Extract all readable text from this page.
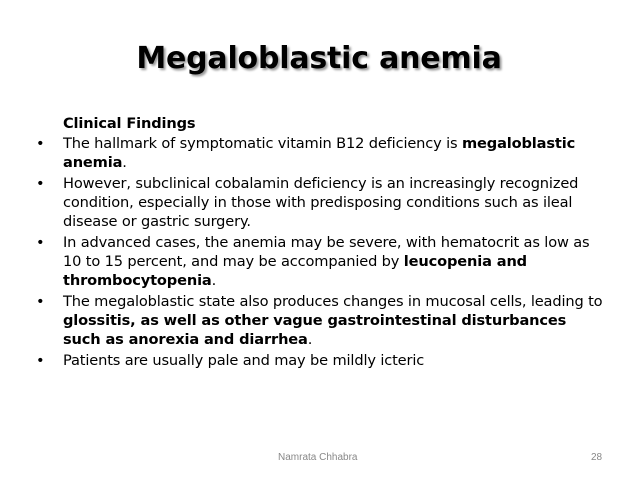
Megaloblastic anemia
Clinical Findings
• The hallmark of symptomatic vitamin B12 deficiency is megaloblastic anemia.
• However, subclinical cobalamin deficiency is an increasingly recognized condition, especially in those with predisposing conditions such as ileal disease or gastric surgery.
• In advanced cases, the anemia may be severe, with hematocrit as low as 10 to 15 percent, and may be accompanied by leucopenia and thrombocytopenia.
• The megaloblastic state also produces changes in mucosal cells, leading to glossitis, as well as other vague gastrointestinal disturbances such as anorexia and diarrhea.
• Patients are usually pale and may be mildly icteric
Namrata Chhabra	28
